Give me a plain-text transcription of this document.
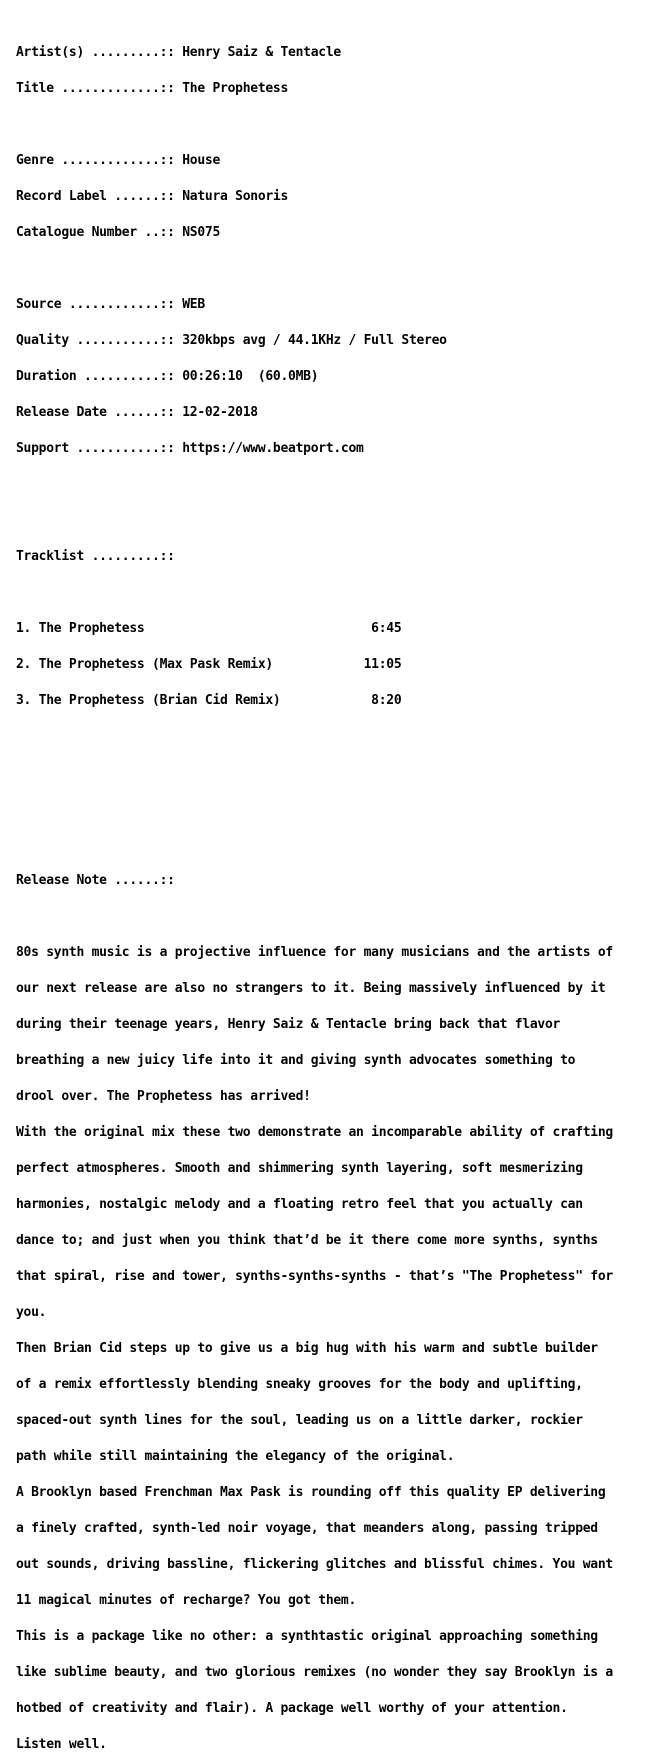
Artist(s) .........:: Henry Saiz & Tentacle

Title .............:: The Prophetess

Genre .............:: House

Record Label ......:: Natura Sonoris

Catalogue Number ..:: NS075

Source ............:: WEB

Quality ...........:: 320kbps avg / 44.1KHz / Full Stereo

Duration ..........:: 00:26:10  (60.0MB)

Release Date ......:: 12-02-2018

Support ...........:: https://www.beatport.com

Tracklist .........::

1. The Prophetess                              6:45

2. The Prophetess (Max Pask Remix)            11:05

3. The Prophetess (Brian Cid Remix)            8:20

Release Note ......::

80s synth music is a projective influence for many musicians and the artists of

our next release are also no strangers to it. Being massively influenced by it

during their teenage years, Henry Saiz & Tentacle bring back that flavor

breathing a new juicy life into it and giving synth advocates something to

drool over. The Prophetess has arrived!

With the original mix these two demonstrate an incomparable ability of crafting

perfect atmospheres. Smooth and shimmering synth layering, soft mesmerizing

harmonies, nostalgic melody and a floating retro feel that you actually can

dance to; and just when you think that’d be it there come more synths, synths

that spiral, rise and tower, synths-synths-synths - that’s "The Prophetess" for

you.

Then Brian Cid steps up to give us a big hug with his warm and subtle builder

of a remix effortlessly blending sneaky grooves for the body and uplifting,

spaced-out synth lines for the soul, leading us on a little darker, rockier

path while still maintaining the elegancy of the original.

A Brooklyn based Frenchman Max Pask is rounding off this quality EP delivering

a finely crafted, synth-led noir voyage, that meanders along, passing tripped

out sounds, driving bassline, flickering glitches and blissful chimes. You want

11 magical minutes of recharge? You got them.

This is a package like no other: a synthtastic original approaching something

like sublime beauty, and two glorious remixes (no wonder they say Brooklyn is a

hotbed of creativity and flair). A package well worthy of your attention.

Listen well.
